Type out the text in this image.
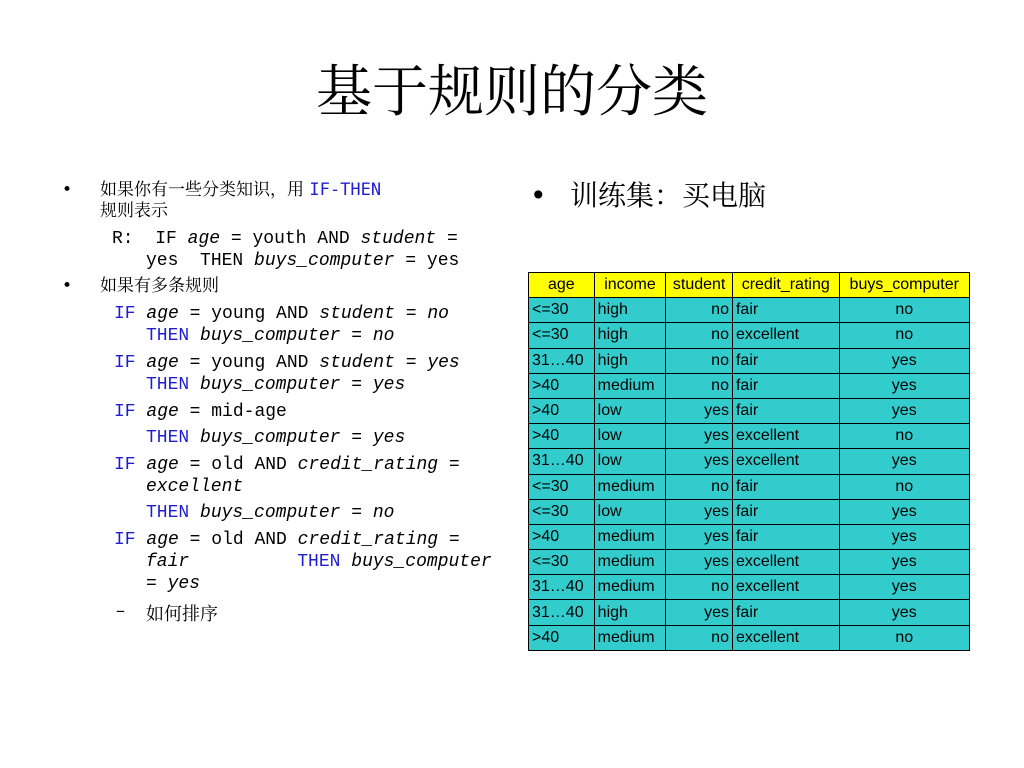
基于规则的分类
• 如果你有一些分类知识，用 IF-THEN
规则表示
R: IF age = youth AND student =
yes THEN buys_computer = yes
• 如果有多条规则
IF age = young AND student = no
THEN buys_computer = no
IF age = young AND student = yes
THEN buys_computer = yes
IF age = mid-age
THEN buys_computer = yes
IF age = old AND credit_rating =
excellent
THEN buys_computer = no
IF age = old AND credit_rating =
fair	THEN buys_computer
= yes
– 如何排序
• 训练集：买电脑
age	income	student	credit_rating	buys_computer
<=30	high	no	fair	no
<=30	high	no	excellent	no
31…40	high	no	fair	yes
>40	medium	no	fair	yes
>40	low	yes	fair	yes
>40	low	yes	excellent	no
31…40	low	yes	excellent	yes
<=30	medium	no	fair	no
<=30	low	yes	fair	yes
>40	medium	yes	fair	yes
<=30	medium	yes	excellent	yes
31…40	medium	no	excellent	yes
31…40	high	yes	fair	yes
>40	medium	no	excellent	no
